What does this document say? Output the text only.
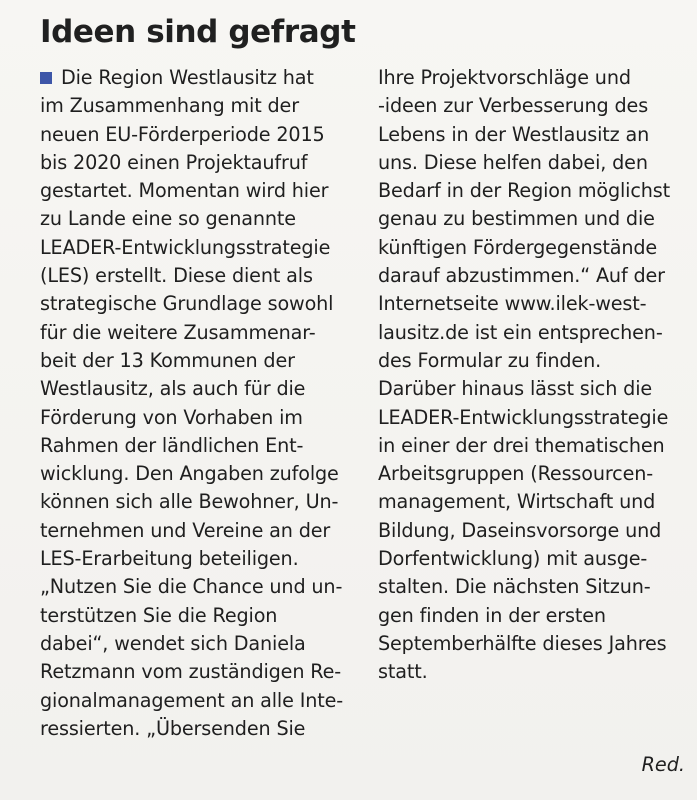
Ideen sind gefragt
Die Region Westlausitz hat
im Zusammenhang mit der
neuen EU-Förderperiode 2015
bis 2020 einen Projektaufruf
gestartet. Momentan wird hier
zu Lande eine so genannte
LEADER-Entwicklungsstrategie
(LES) erstellt. Diese dient als
strategische Grundlage sowohl
für die weitere Zusammenar-
beit der 13 Kommunen der
Westlausitz, als auch für die
Förderung von Vorhaben im
Rahmen der ländlichen Ent-
wicklung. Den Angaben zufolge
können sich alle Bewohner, Un-
ternehmen und Vereine an der
LES-Erarbeitung beteiligen.
„Nutzen Sie die Chance und un-
terstützen Sie die Region
dabei“, wendet sich Daniela
Retzmann vom zuständigen Re-
gionalmanagement an alle Inte-
ressierten. „Übersenden Sie
Ihre Projektvorschläge und
-ideen zur Verbesserung des
Lebens in der Westlausitz an
uns. Diese helfen dabei, den
Bedarf in der Region möglichst
genau zu bestimmen und die
künftigen Fördergegenstände
darauf abzustimmen.“ Auf der
Internetseite www.ilek-west-
lausitz.de ist ein entsprechen-
des Formular zu finden.
Darüber hinaus lässt sich die
LEADER-Entwicklungsstrategie
in einer der drei thematischen
Arbeitsgruppen (Ressourcen-
management, Wirtschaft und
Bildung, Daseinsvorsorge und
Dorfentwicklung) mit ausge-
stalten. Die nächsten Sitzun-
gen finden in der ersten
Septemberhälfte dieses Jahres
statt.
Red.
